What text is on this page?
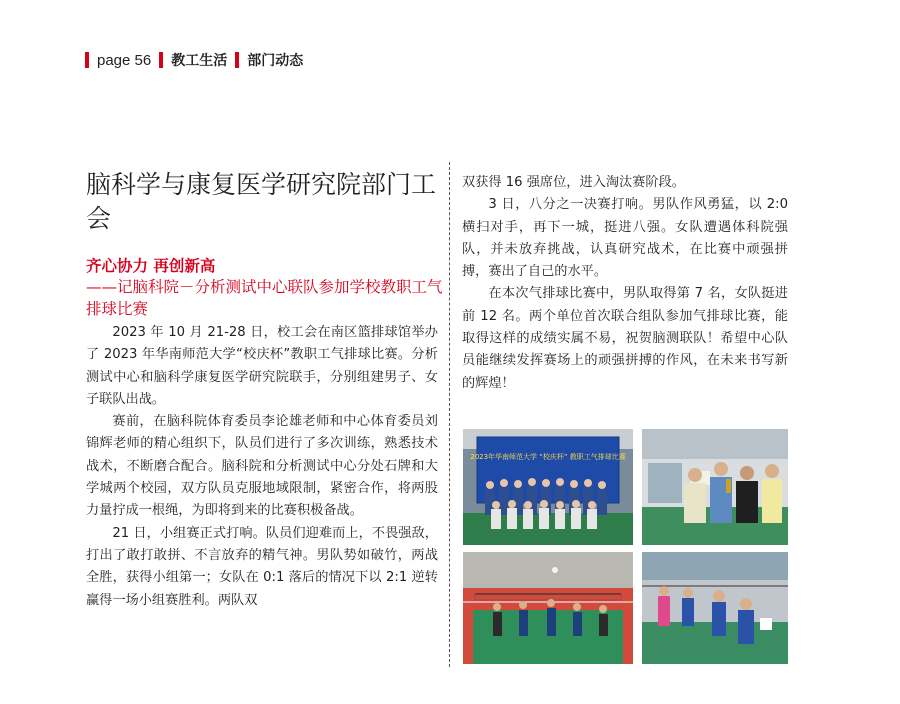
page 56 教工生活 部门动态
脑科学与康复医学研究院部门工会
齐心协力 再创新高
——记脑科院－分析测试中心联队参加学校教职工气排球比赛

2023 年 10 月 21-28 日，校工会在南区篮排球馆举办了 2023 年华南师范大学“校庆杯”教职工气排球比赛。分析测试中心和脑科学康复医学研究院联手，分别组建男子、女子联队出战。

赛前，在脑科院体育委员李论雄老师和中心体育委员刘锦辉老师的精心组织下，队员们进行了多次训练，熟悉技术战术，不断磨合配合。脑科院和分析测试中心分处石牌和大学城两个校园，双方队员克服地域限制，紧密合作，将两股力量拧成一根绳，为即将到来的比赛积极备战。

21 日，小组赛正式打响。队员们迎难而上，不畏强敌，打出了敢打敢拼、不言放弃的精气神。男队势如破竹，两战全胜，获得小组第一；女队在 0:1 落后的情况下以 2:1 逆转赢得一场小组赛胜利。两队双

双获得 16 强席位，进入淘汰赛阶段。

3 日，八分之一决赛打响。男队作风勇猛，以 2:0 横扫对手，再下一城，挺进八强。女队遭遇体科院强队，并未放弃挑战，认真研究战术，在比赛中顽强拼搏，赛出了自己的水平。

在本次气排球比赛中，男队取得第 7 名，女队挺进前 12 名。两个单位首次联合组队参加气排球比赛，能取得这样的成绩实属不易，祝贺脑测联队！希望中心队员能继续发挥赛场上的顽强拼搏的作风，在未来书写新的辉煌！

2023年华南师范大学 “校庆杯” 教职工气排球比赛
